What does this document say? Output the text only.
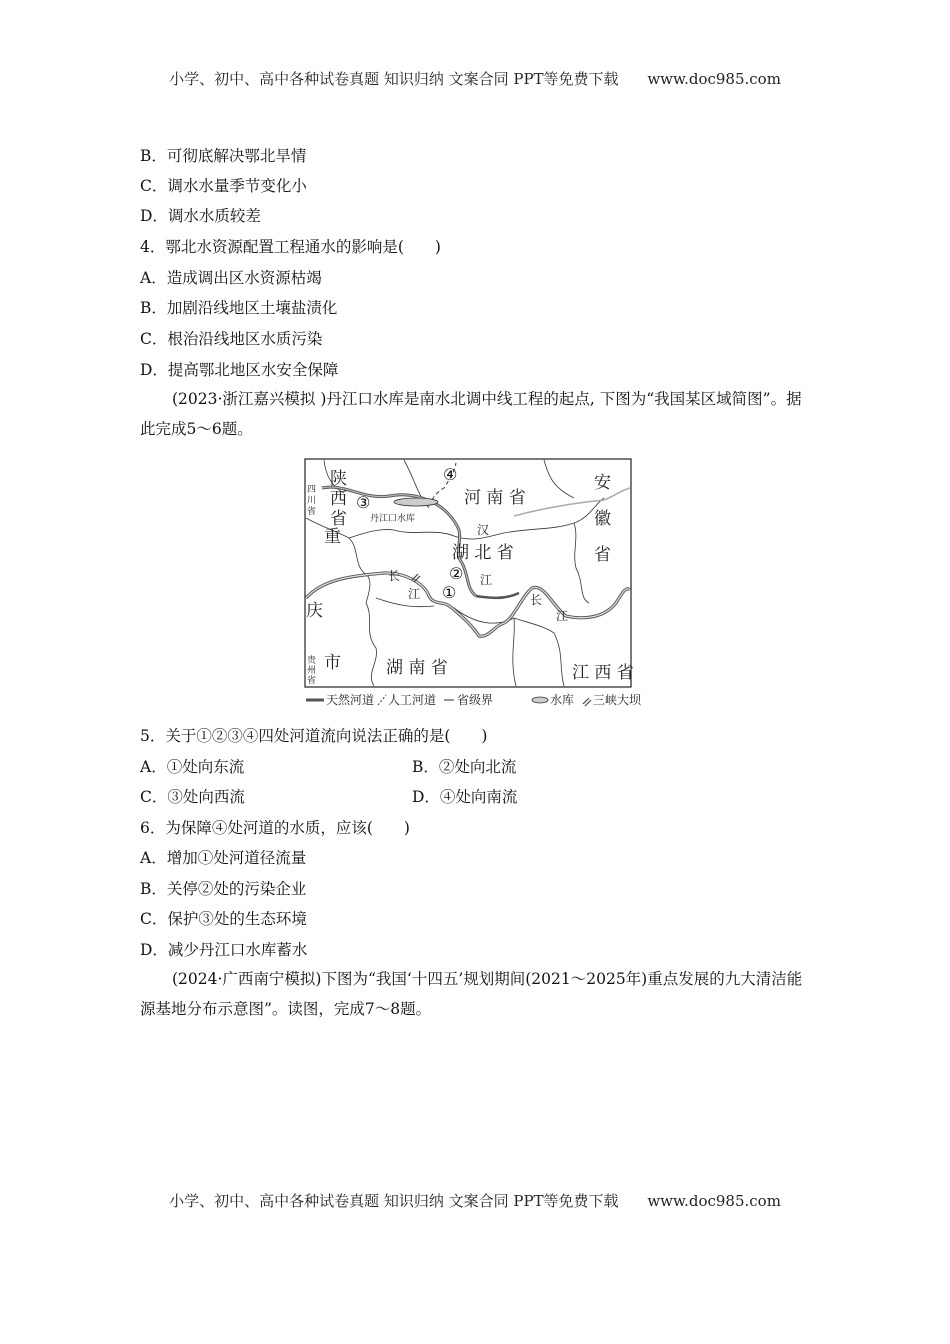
小学、初中、高中各种试卷真题 知识归纳 文案合同 PPT等免费下载 www.doc985.com
B．可彻底解决鄂北旱情
C．调水水量季节变化小
D．调水水质较差
4．鄂北水资源配置工程通水的影响是(　　)
A．造成调出区水资源枯竭
B．加剧沿线地区土壤盐渍化
C．根治沿线地区水质污染
D．提高鄂北地区水安全保障
(2023·浙江嘉兴模拟 )丹江口水库是南水北调中线工程的起点, 下图为“我国某区域简图”。据此完成5～6题。
陕
西
省
河 南 省
安
徽
省
湖 北 省
重
庆
市	湖 南 省	江 西 省
四
川
省
贵
州
省
丹江口水库
汉
江
长
江	长
江
①
②
③
④
天然河道 人工河道 省级界	水库 三峡大坝
5．关于①②③④四处河道流向说法正确的是(　　)
A．①处向东流	B．②处向北流
C．③处向西流	D．④处向南流
6．为保障④处河道的水质，应该(　　)
A．增加①处河道径流量
B．关停②处的污染企业
C．保护③处的生态环境
D．减少丹江口水库蓄水
(2024·广西南宁模拟)下图为“我国‘十四五’规划期间(2021～2025年)重点发展的九大清洁能源基地分布示意图”。读图，完成7～8题。
小学、初中、高中各种试卷真题 知识归纳 文案合同 PPT等免费下载 www.doc985.com
